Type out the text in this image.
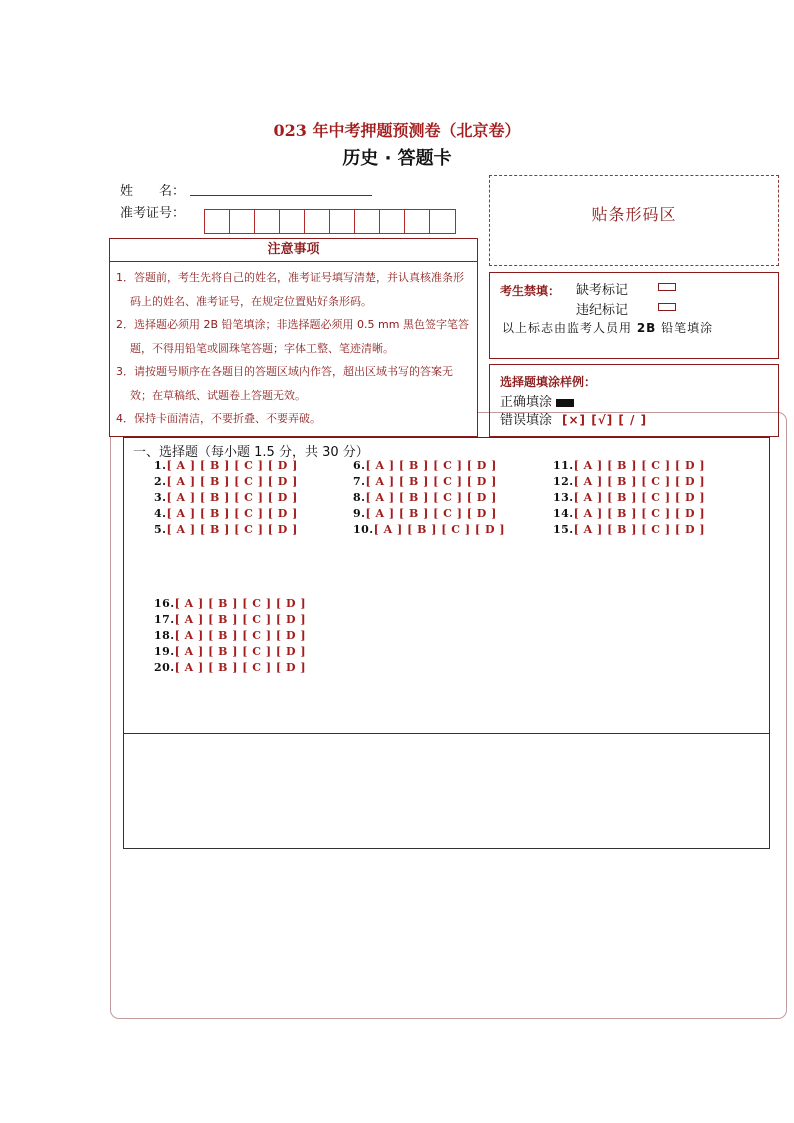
023 年中考押题预测卷（北京卷）
历史 · 答题卡
姓　　名：
准考证号：	贴条形码区
注意事项
1．答题前，考生先将自己的姓名，准考证号填写清楚，并认真核准条形码上的姓名、准考证号，在规定位置贴好条形码。
2．选择题必须用 2B 铅笔填涂；非选择题必须用 0.5 mm 黑色签字笔答题，不得用铅笔或圆珠笔答题；字体工整、笔迹清晰。
3．请按题号顺序在各题目的答题区域内作答，超出区域书写的答案无效；在草稿纸、试题卷上答题无效。
4．保持卡面清洁，不要折叠、不要弄破。
考生禁填： 缺考标记
违纪标记
以上标志由监考人员用 2B 铅笔填涂
选择题填涂样例：
正确填涂
错误填涂 [×] [√] [ / ]
一、选择题（每小题 1.5 分，共 30 分）
1.[ A ] [ B ] [ C ] [ D ]
2.[ A ] [ B ] [ C ] [ D ]
3.[ A ] [ B ] [ C ] [ D ]
4.[ A ] [ B ] [ C ] [ D ]
5.[ A ] [ B ] [ C ] [ D ]
6.[ A ] [ B ] [ C ] [ D ]
7.[ A ] [ B ] [ C ] [ D ]
8.[ A ] [ B ] [ C ] [ D ]
9.[ A ] [ B ] [ C ] [ D ]
10.[ A ] [ B ] [ C ] [ D ]
11.[ A ] [ B ] [ C ] [ D ]
12.[ A ] [ B ] [ C ] [ D ]
13.[ A ] [ B ] [ C ] [ D ]
14.[ A ] [ B ] [ C ] [ D ]
15.[ A ] [ B ] [ C ] [ D ]
16.[ A ] [ B ] [ C ] [ D ]
17.[ A ] [ B ] [ C ] [ D ]
18.[ A ] [ B ] [ C ] [ D ]
19.[ A ] [ B ] [ C ] [ D ]
20.[ A ] [ B ] [ C ] [ D ]
